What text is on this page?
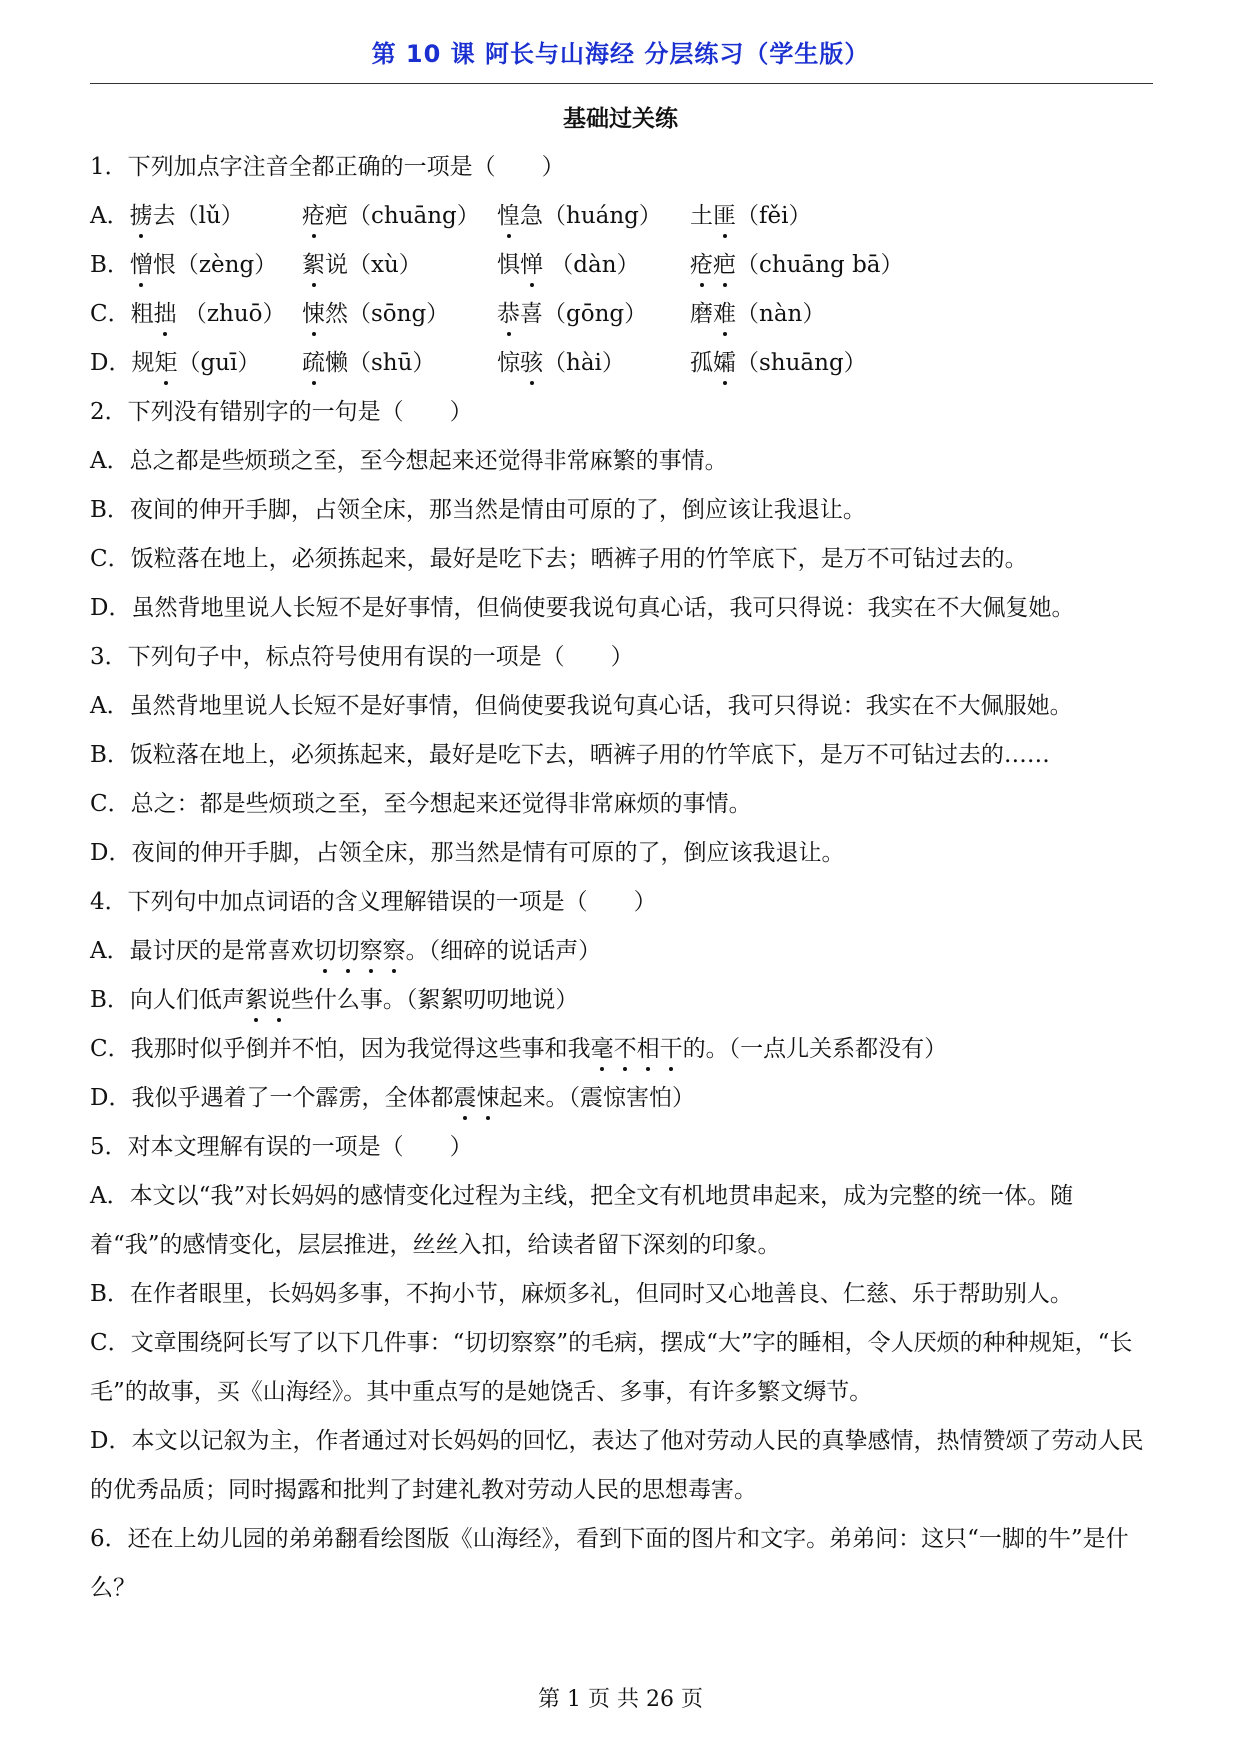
第 10 课 阿长与山海经 分层练习（学生版）
基础过关练
1．下列加点字注音全都正确的一项是（　　）
A．掳去（lǔ）	疮疤（chuāng） 惶急（huáng） 土匪（fěi）
B．憎恨（zèng） 絮说（xù）	惧惮 （dàn） 疮疤（chuāng bā）
C．粗拙 （zhuō） 悚然（sōng） 恭喜（gōng） 磨难（nàn）
D．规矩（guī） 疏懒（shū）	惊骇（hài）	孤孀（shuāng）
2．下列没有错别字的一句是（　　）
A．总之都是些烦琐之至，至今想起来还觉得非常麻繁的事情。
B．夜间的伸开手脚，占领全床，那当然是情由可原的了，倒应该让我退让。
C．饭粒落在地上，必须拣起来，最好是吃下去；晒裤子用的竹竿底下，是万不可钻过去的。
D．虽然背地里说人长短不是好事情，但倘使要我说句真心话，我可只得说：我实在不大佩复她。
3．下列句子中，标点符号使用有误的一项是（　　）
A．虽然背地里说人长短不是好事情，但倘使要我说句真心话，我可只得说：我实在不大佩服她。
B．饭粒落在地上，必须拣起来，最好是吃下去，晒裤子用的竹竿底下，是万不可钻过去的……
C．总之：都是些烦琐之至，至今想起来还觉得非常麻烦的事情。
D．夜间的伸开手脚，占领全床，那当然是情有可原的了，倒应该我退让。
4．下列句中加点词语的含义理解错误的一项是（　　）
A．最讨厌的是常喜欢切切察察。（细碎的说话声）
B．向人们低声絮说些什么事。（絮絮叨叨地说）
C．我那时似乎倒并不怕，因为我觉得这些事和我毫不相干的。（一点儿关系都没有）
D．我似乎遇着了一个霹雳，全体都震悚起来。（震惊害怕）
5．对本文理解有误的一项是（　　）
A．本文以“我”对长妈妈的感情变化过程为主线，把全文有机地贯串起来，成为完整的统一体。随着“我”的感情变化，层层推进，丝丝入扣，给读者留下深刻的印象。
B．在作者眼里，长妈妈多事，不拘小节，麻烦多礼，但同时又心地善良、仁慈、乐于帮助别人。
C．文章围绕阿长写了以下几件事：“切切察察”的毛病，摆成“大”字的睡相，令人厌烦的种种规矩，“长毛”的故事，买《山海经》。其中重点写的是她饶舌、多事，有许多繁文缛节。
D．本文以记叙为主，作者通过对长妈妈的回忆，表达了他对劳动人民的真挚感情，热情赞颂了劳动人民的优秀品质；同时揭露和批判了封建礼教对劳动人民的思想毒害。
6．还在上幼儿园的弟弟翻看绘图版《山海经》，看到下面的图片和文字。弟弟问：这只“一脚的牛”是什么？
第 1 页 共 26 页
